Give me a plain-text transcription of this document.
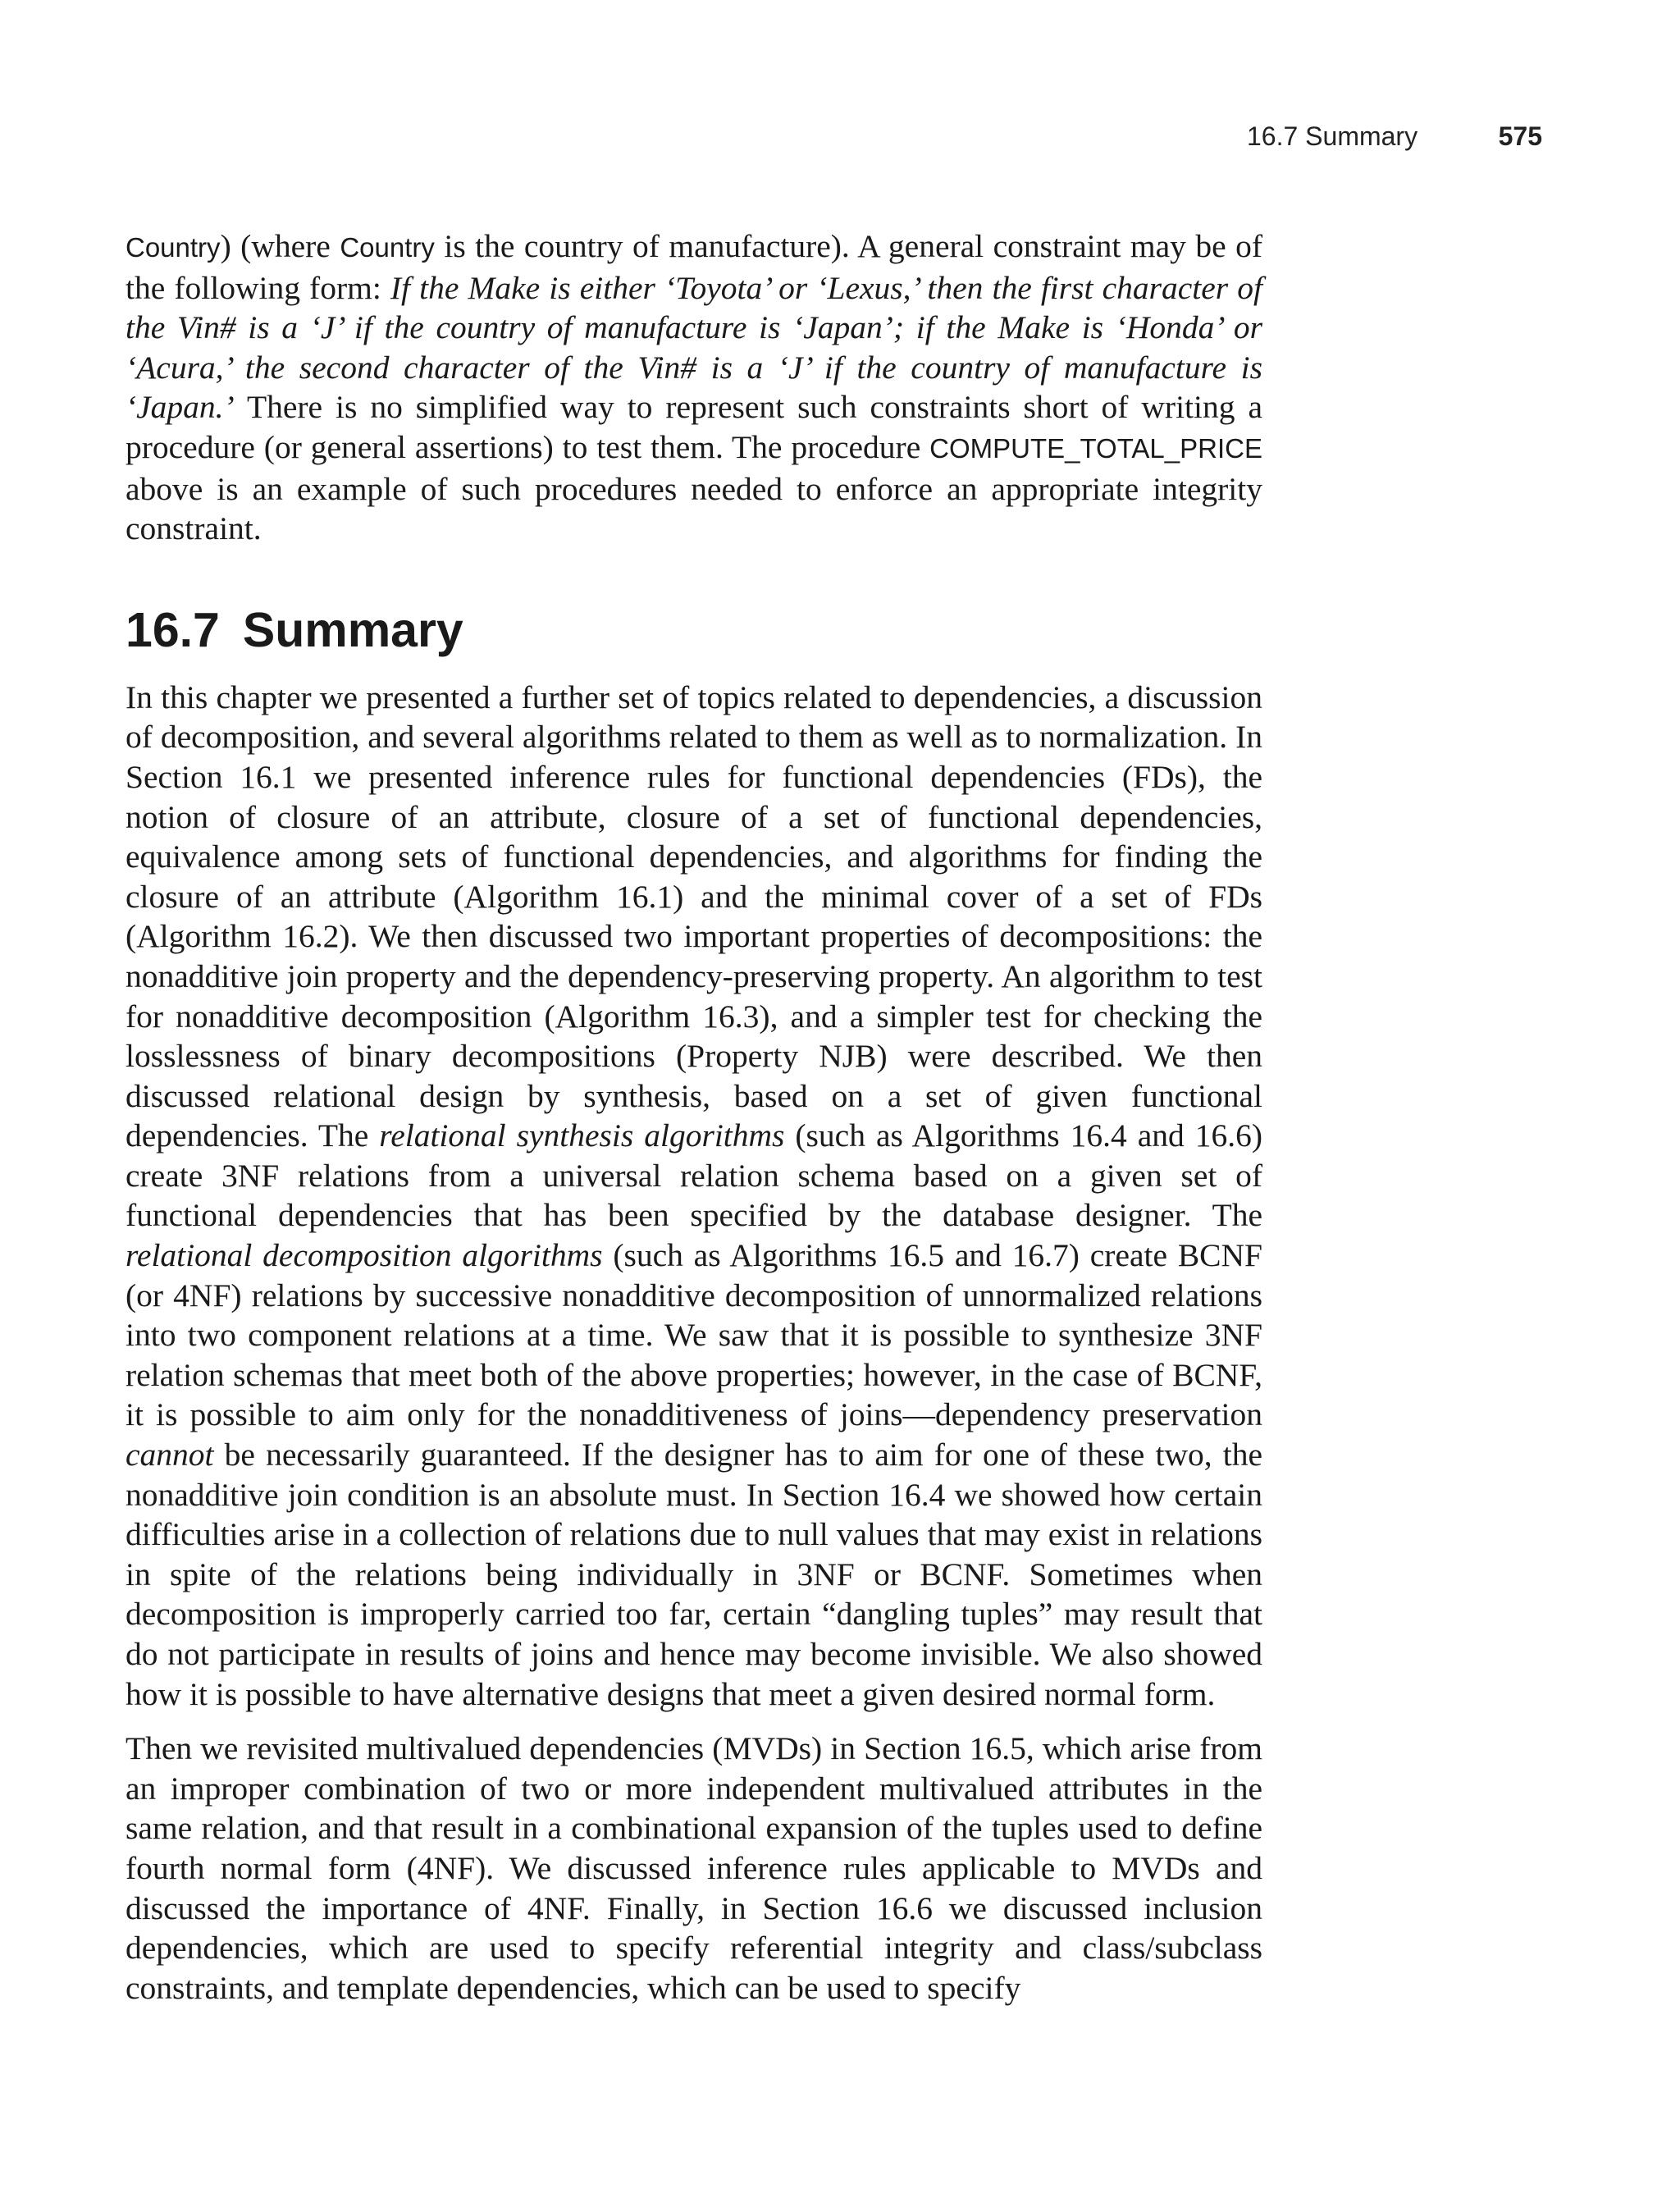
16.7 Summary	575

Country) (where Country is the country of manufacture). A general constraint may be of the following form: If the Make is either ‘Toyota’ or ‘Lexus,’ then the first character of the Vin# is a ‘J’ if the country of manufacture is ‘Japan’; if the Make is ‘Honda’ or ‘Acura,’ the second character of the Vin# is a ‘J’ if the country of manufacture is ‘Japan.’ There is no simplified way to represent such constraints short of writing a procedure (or general assertions) to test them. The procedure COMPUTE_TOTAL_PRICE above is an example of such procedures needed to enforce an appropriate integrity constraint.

16.7 Summary

In this chapter we presented a further set of topics related to dependencies, a discussion of decomposition, and several algorithms related to them as well as to normalization. In Section 16.1 we presented inference rules for functional dependencies (FDs), the notion of closure of an attribute, closure of a set of functional dependencies, equivalence among sets of functional dependencies, and algorithms for finding the closure of an attribute (Algorithm 16.1) and the minimal cover of a set of FDs (Algorithm 16.2). We then discussed two important properties of decompositions: the nonadditive join property and the dependency-preserving property. An algorithm to test for nonadditive decomposition (Algorithm 16.3), and a simpler test for checking the losslessness of binary decompositions (Property NJB) were described. We then discussed relational design by synthesis, based on a set of given functional dependencies. The relational synthesis algorithms (such as Algorithms 16.4 and 16.6) create 3NF relations from a universal relation schema based on a given set of functional dependencies that has been specified by the database designer. The relational decomposition algorithms (such as Algorithms 16.5 and 16.7) create BCNF (or 4NF) relations by successive nonadditive decomposition of unnormalized relations into two component relations at a time. We saw that it is possible to synthesize 3NF relation schemas that meet both of the above properties; however, in the case of BCNF, it is possible to aim only for the nonadditiveness of joins—dependency preservation cannot be necessarily guaranteed. If the designer has to aim for one of these two, the nonadditive join condition is an absolute must. In Section 16.4 we showed how certain difficulties arise in a collection of relations due to null values that may exist in relations in spite of the relations being individually in 3NF or BCNF. Sometimes when decomposition is improperly carried too far, certain “dangling tuples” may result that do not participate in results of joins and hence may become invisible. We also showed how it is possible to have alternative designs that meet a given desired normal form.

Then we revisited multivalued dependencies (MVDs) in Section 16.5, which arise from an improper combination of two or more independent multivalued attributes in the same relation, and that result in a combinational expansion of the tuples used to define fourth normal form (4NF). We discussed inference rules applicable to MVDs and discussed the importance of 4NF. Finally, in Section 16.6 we discussed inclusion dependencies, which are used to specify referential integrity and class/subclass constraints, and template dependencies, which can be used to specify
